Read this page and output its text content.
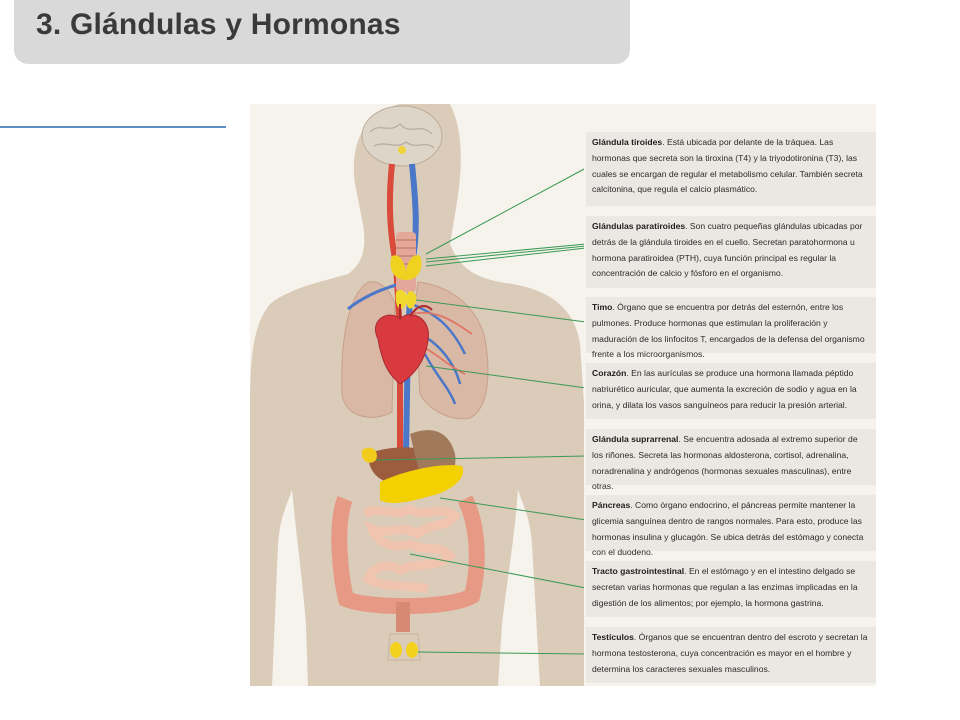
3. Glándulas y Hormonas
Glándula tiroides. Está ubicada por delante de la tráquea. Las hormonas que secreta son la tiroxina (T4) y la triyodotironina (T3), las cuales se encargan de regular el metabolismo celular. También secreta calcitonina, que regula el calcio plasmático.
Glándulas paratiroides. Son cuatro pequeñas glándulas ubicadas por detrás de la glándula tiroides en el cuello. Secretan paratohormona u hormona paratiroidea (PTH), cuya función principal es regular la concentración de calcio y fósforo en el organismo.
Timo. Órgano que se encuentra por detrás del esternón, entre los pulmones. Produce hormonas que estimulan la proliferación y maduración de los linfocitos T, encargados de la defensa del organismo frente a los microorganismos.
Corazón. En las aurículas se produce una hormona llamada péptido natriurético auricular, que aumenta la excreción de sodio y agua en la orina, y dilata los vasos sanguíneos para reducir la presión arterial.
Glándula suprarrenal. Se encuentra adosada al extremo superior de los riñones. Secreta las hormonas aldosterona, cortisol, adrenalina, noradrenalina y andrógenos (hormonas sexuales masculinas), entre otras.
Páncreas. Como órgano endocrino, el páncreas permite mantener la glicemia sanguínea dentro de rangos normales. Para esto, produce las hormonas insulina y glucagón. Se ubica detrás del estómago y conecta con el duodeno.
Tracto gastrointestinal. En el estómago y en el intestino delgado se secretan varias hormonas que regulan a las enzimas implicadas en la digestión de los alimentos; por ejemplo, la hormona gastrina.
Testículos. Órganos que se encuentran dentro del escroto y secretan la hormona testosterona, cuya concentración es mayor en el hombre y determina los caracteres sexuales masculinos.
